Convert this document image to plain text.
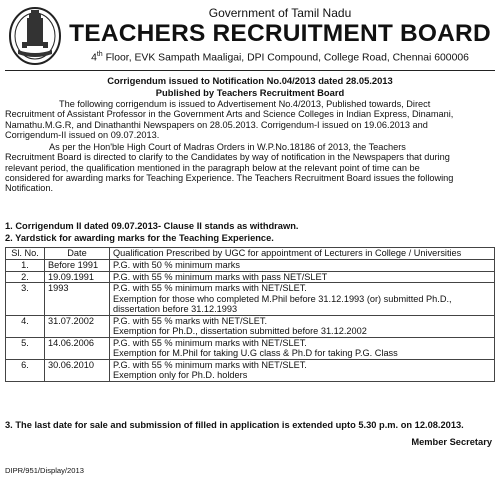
Government of Tamil Nadu
TEACHERS RECRUITMENT BOARD
4th Floor, EVK Sampath Maaligai, DPI Compound, College Road, Chennai 600006
Corrigendum issued to Notification No.04/2013 dated 28.05.2013
Published by Teachers Recruitment Board
The following corrigendum is issued to Advertisement No.4/2013, Published towards, Direct
Recruitment of Assistant Professor in the Government Arts and Science Colleges in Indian Express, Dinamani,
Namathu.M.G.R, and Dinathanthi Newspapers on 28.05.2013. Corrigendum-I issued on 19.06.2013 and
Corrigendum-II issued on 09.07.2013.
As per the Hon'ble High Court of Madras Orders in W.P.No.18186 of 2013, the Teachers
Recruitment Board is directed to clarify to the Candidates by way of notification in the Newspapers that during
relevant period, the qualification mentioned in the paragraph below at the relevant point of time can be
considered for awarding marks for Teaching Experience. The Teachers Recruitment Board issues the following
Notification.
1. Corrigendum II dated 09.07.2013- Clause II stands as withdrawn.
2. Yardstick for awarding marks for the Teaching Experience.
Sl. No.	Date	Qualification Prescribed by UGC for appointment of Lecturers in College / Universities
1.	Before 1991	P.G. with 50 % minimum marks

2.	19.09.1991	P.G. with 55 % minimum marks with pass NET/SLET

3.	1993	P.G. with 55 % minimum marks with NET/SLET.
Exemption for those who completed M.Phil before 31.12.1993 (or) submitted Ph.D.,
dissertation before 31.12.1993

4.	31.07.2002	P.G. with 55 % marks with NET/SLET.
Exemption for Ph.D., dissertation submitted before 31.12.2002

5.	14.06.2006	P.G. with 55 % minimum marks with NET/SLET.
Exemption for M.Phil for taking U.G class & Ph.D for taking P.G. Class

6.	30.06.2010	P.G. with 55 % minimum marks with NET/SLET.
Exemption only for Ph.D. holders
3. The last date for sale and submission of filled in application is extended upto 5.30 p.m. on 12.08.2013.
Member Secretary
DIPR/951/Display/2013
